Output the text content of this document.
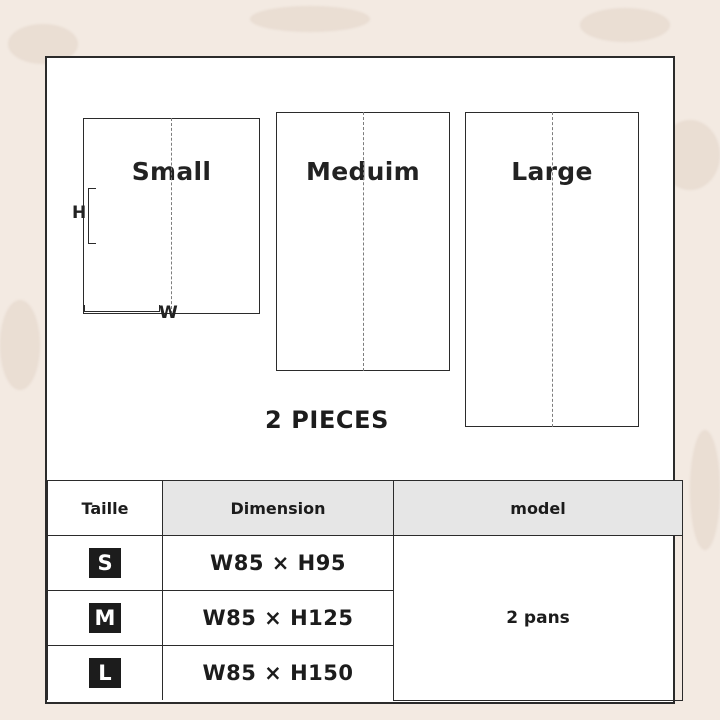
Small	Meduim	Large
H
W
2 PIECES
Taille	Dimension	model
S	W85 × H95	2 pans
M	W85 × H125	
L	W85 × H150	
